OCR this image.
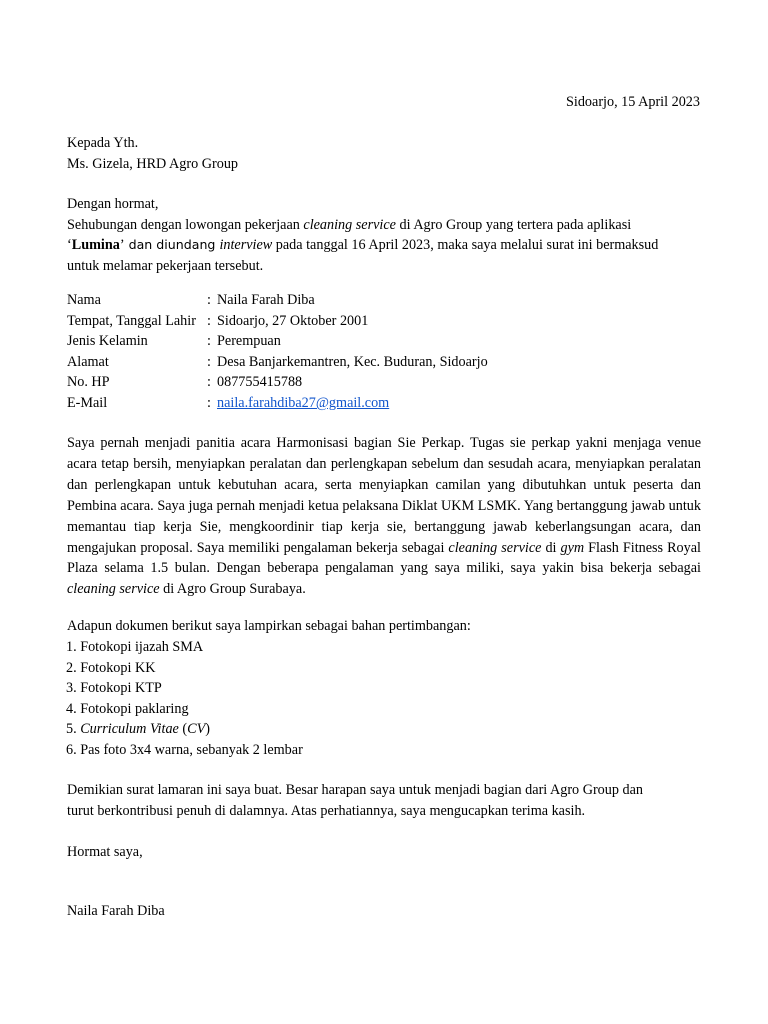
Sidoarjo, 15 April 2023
Kepada Yth.
Ms. Gizela, HRD Agro Group
Dengan hormat,
Sehubungan dengan lowongan pekerjaan cleaning service di Agro Group yang tertera pada aplikasi
‘Lumina’ dan diundang interview pada tanggal 16 April 2023, maka saya melalui surat ini bermaksud
untuk melamar pekerjaan tersebut.
Nama	: Naila Farah Diba
Tempat, Tanggal Lahir : Sidoarjo, 27 Oktober 2001
Jenis Kelamin	: Perempuan
Alamat	: Desa Banjarkemantren, Kec. Buduran, Sidoarjo
No. HP	: 087755415788
E-Mail	: naila.farahdiba27@gmail.com
Saya pernah menjadi panitia acara Harmonisasi bagian Sie Perkap. Tugas sie perkap yakni menjaga venue acara tetap bersih, menyiapkan peralatan dan perlengkapan sebelum dan sesudah acara, menyiapkan peralatan dan perlengkapan untuk kebutuhan acara, serta menyiapkan camilan yang dibutuhkan untuk peserta dan Pembina acara. Saya juga pernah menjadi ketua pelaksana Diklat UKM LSMK. Yang bertanggung jawab untuk memantau tiap kerja Sie, mengkoordinir tiap kerja sie, bertanggung jawab keberlangsungan acara, dan mengajukan proposal. Saya memiliki pengalaman bekerja sebagai cleaning service di gym Flash Fitness Royal Plaza selama 1.5 bulan. Dengan beberapa pengalaman yang saya miliki, saya yakin bisa bekerja sebagai cleaning service di Agro Group Surabaya.
Adapun dokumen berikut saya lampirkan sebagai bahan pertimbangan:
1. Fotokopi ijazah SMA
2. Fotokopi KK
3. Fotokopi KTP
4. Fotokopi paklaring
5. Curriculum Vitae (CV)
6. Pas foto 3x4 warna, sebanyak 2 lembar
Demikian surat lamaran ini saya buat. Besar harapan saya untuk menjadi bagian dari Agro Group dan
turut berkontribusi penuh di dalamnya. Atas perhatiannya, saya mengucapkan terima kasih.
Hormat saya,
Naila Farah Diba
